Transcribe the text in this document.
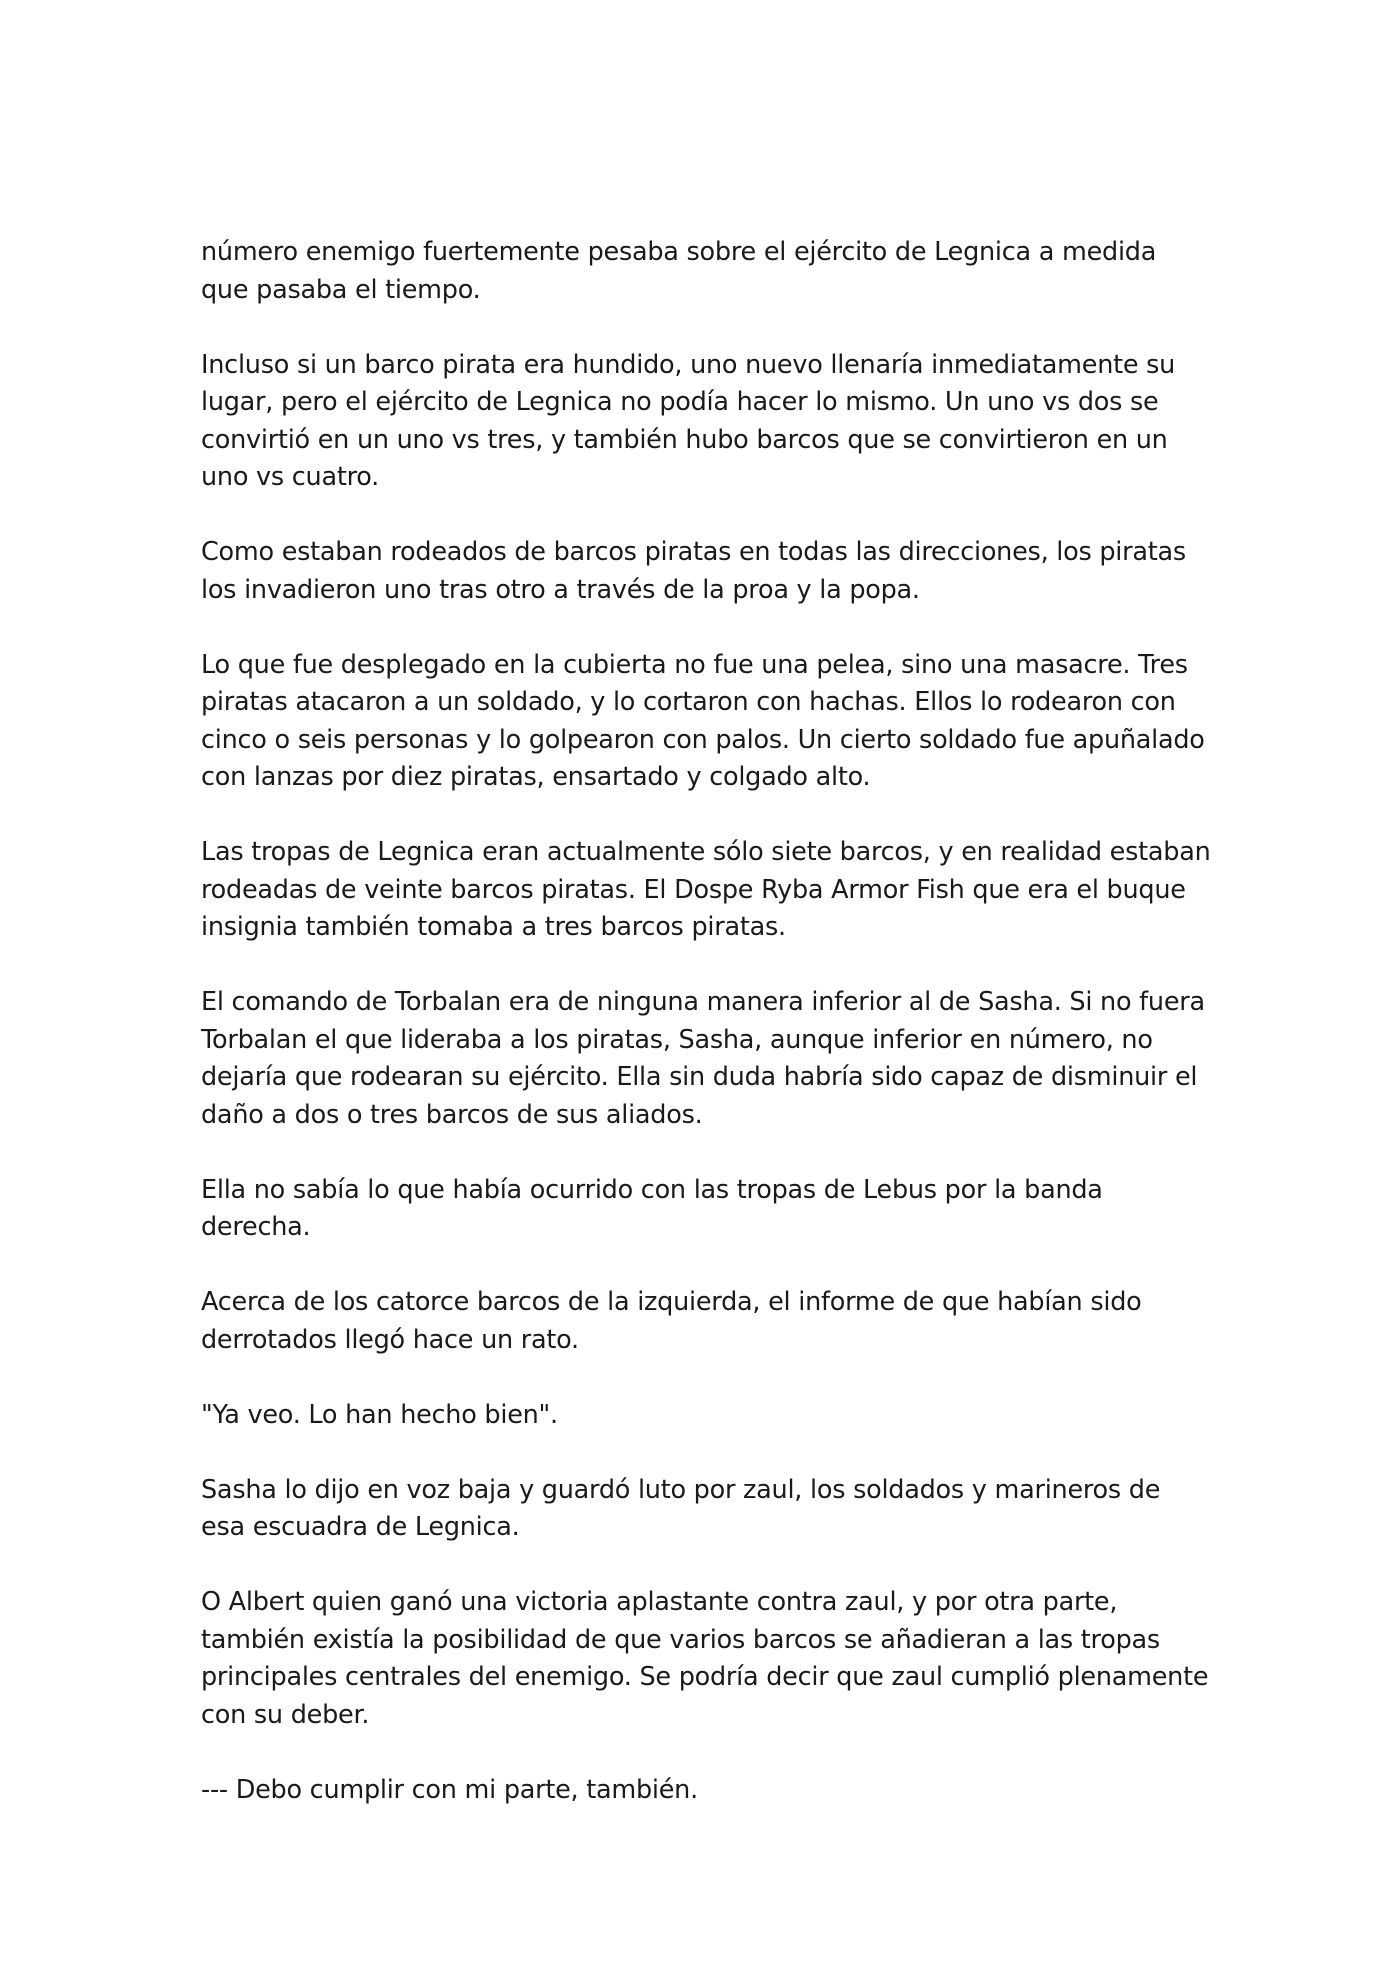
número enemigo fuertemente pesaba sobre el ejército de Legnica a medida que pasaba el tiempo.

Incluso si un barco pirata era hundido, uno nuevo llenaría inmediatamente su lugar, pero el ejército de Legnica no podía hacer lo mismo. Un uno vs dos se convirtió en un uno vs tres, y también hubo barcos que se convirtieron en un uno vs cuatro.

Como estaban rodeados de barcos piratas en todas las direcciones, los piratas los invadieron uno tras otro a través de la proa y la popa.

Lo que fue desplegado en la cubierta no fue una pelea, sino una masacre. Tres piratas atacaron a un soldado, y lo cortaron con hachas. Ellos lo rodearon con cinco o seis personas y lo golpearon con palos. Un cierto soldado fue apuñalado con lanzas por diez piratas, ensartado y colgado alto.

Las tropas de Legnica eran actualmente sólo siete barcos, y en realidad estaban rodeadas de veinte barcos piratas. El Dospe Ryba Armor Fish que era el buque insignia también tomaba a tres barcos piratas.

El comando de Torbalan era de ninguna manera inferior al de Sasha. Si no fuera Torbalan el que lideraba a los piratas, Sasha, aunque inferior en número, no dejaría que rodearan su ejército. Ella sin duda habría sido capaz de disminuir el daño a dos o tres barcos de sus aliados.

Ella no sabía lo que había ocurrido con las tropas de Lebus por la banda derecha.

Acerca de los catorce barcos de la izquierda, el informe de que habían sido derrotados llegó hace un rato.

"Ya veo. Lo han hecho bien".

Sasha lo dijo en voz baja y guardó luto por zaul, los soldados y marineros de esa escuadra de Legnica.

O Albert quien ganó una victoria aplastante contra zaul, y por otra parte, también existía la posibilidad de que varios barcos se añadieran a las tropas principales centrales del enemigo. Se podría decir que zaul cumplió plenamente con su deber.

--- Debo cumplir con mi parte, también.
